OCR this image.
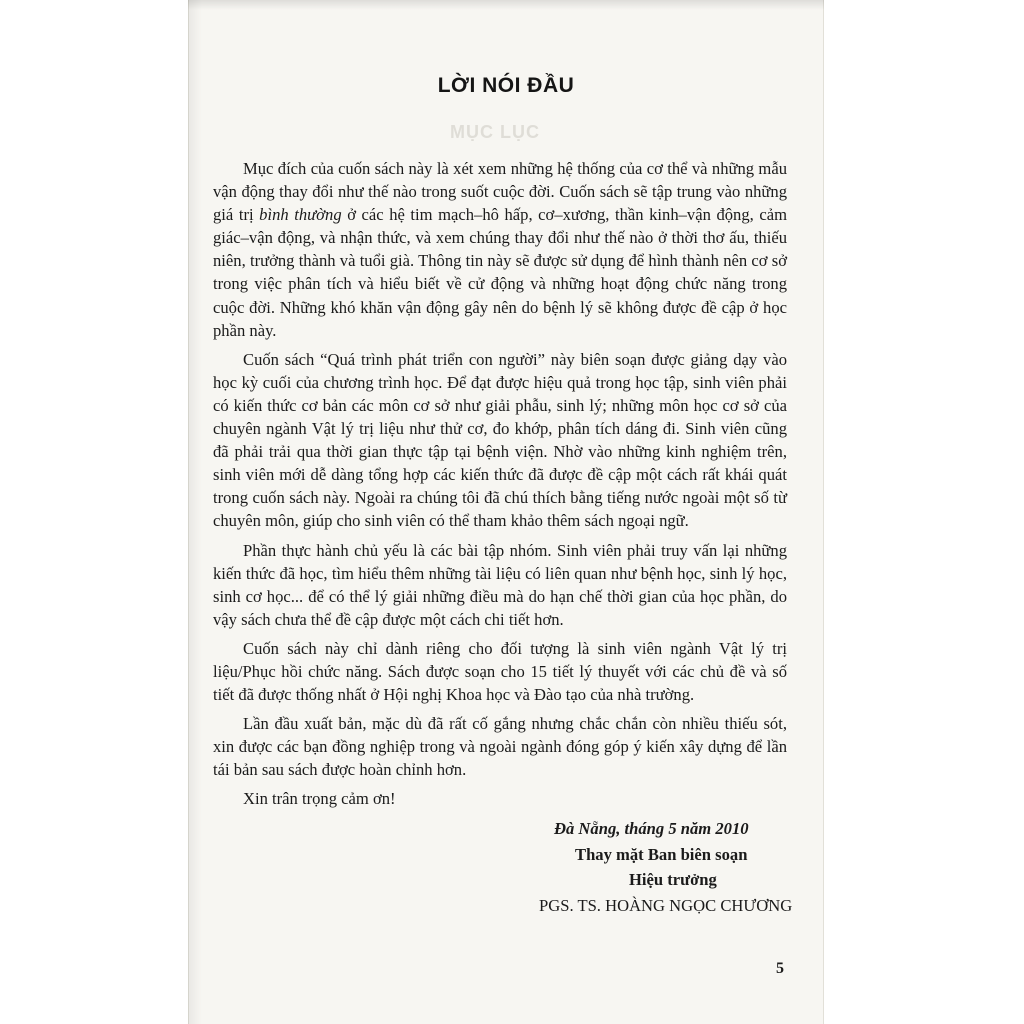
LỜI NÓI ĐẦU
MỤC LỤC

Mục đích của cuốn sách này là xét xem những hệ thống của cơ thể và những mẫu vận động thay đổi như thế nào trong suốt cuộc đời. Cuốn sách sẽ tập trung vào những giá trị bình thường ở các hệ tim mạch–hô hấp, cơ–xương, thần kinh–vận động, cảm giác–vận động, và nhận thức, và xem chúng thay đổi như thế nào ở thời thơ ấu, thiếu niên, trưởng thành và tuổi già. Thông tin này sẽ được sử dụng để hình thành nên cơ sở trong việc phân tích và hiểu biết về cử động và những hoạt động chức năng trong cuộc đời. Những khó khăn vận động gây nên do bệnh lý sẽ không được đề cập ở học phần này.

Cuốn sách “Quá trình phát triển con người” này biên soạn được giảng dạy vào học kỳ cuối của chương trình học. Để đạt được hiệu quả trong học tập, sinh viên phải có kiến thức cơ bản các môn cơ sở như giải phẫu, sinh lý; những môn học cơ sở của chuyên ngành Vật lý trị liệu như thử cơ, đo khớp, phân tích dáng đi. Sinh viên cũng đã phải trải qua thời gian thực tập tại bệnh viện. Nhờ vào những kinh nghiệm trên, sinh viên mới dễ dàng tổng hợp các kiến thức đã được đề cập một cách rất khái quát trong cuốn sách này. Ngoài ra chúng tôi đã chú thích bằng tiếng nước ngoài một số từ chuyên môn, giúp cho sinh viên có thể tham khảo thêm sách ngoại ngữ.

Phần thực hành chủ yếu là các bài tập nhóm. Sinh viên phải truy vấn lại những kiến thức đã học, tìm hiểu thêm những tài liệu có liên quan như bệnh học, sinh lý học, sinh cơ học... để có thể lý giải những điều mà do hạn chế thời gian của học phần, do vậy sách chưa thể đề cập được một cách chi tiết hơn.

Cuốn sách này chỉ dành riêng cho đối tượng là sinh viên ngành Vật lý trị liệu/Phục hồi chức năng. Sách được soạn cho 15 tiết lý thuyết với các chủ đề và số tiết đã được thống nhất ở Hội nghị Khoa học và Đào tạo của nhà trường.

Lần đầu xuất bản, mặc dù đã rất cố gắng nhưng chắc chắn còn nhiều thiếu sót, xin được các bạn đồng nghiệp trong và ngoài ngành đóng góp ý kiến xây dựng để lần tái bản sau sách được hoàn chỉnh hơn.

Xin trân trọng cảm ơn!

Đà Nẵng, tháng 5 năm 2010
Thay mặt Ban biên soạn
Hiệu trưởng
PGS. TS. HOÀNG NGỌC CHƯƠNG
5
